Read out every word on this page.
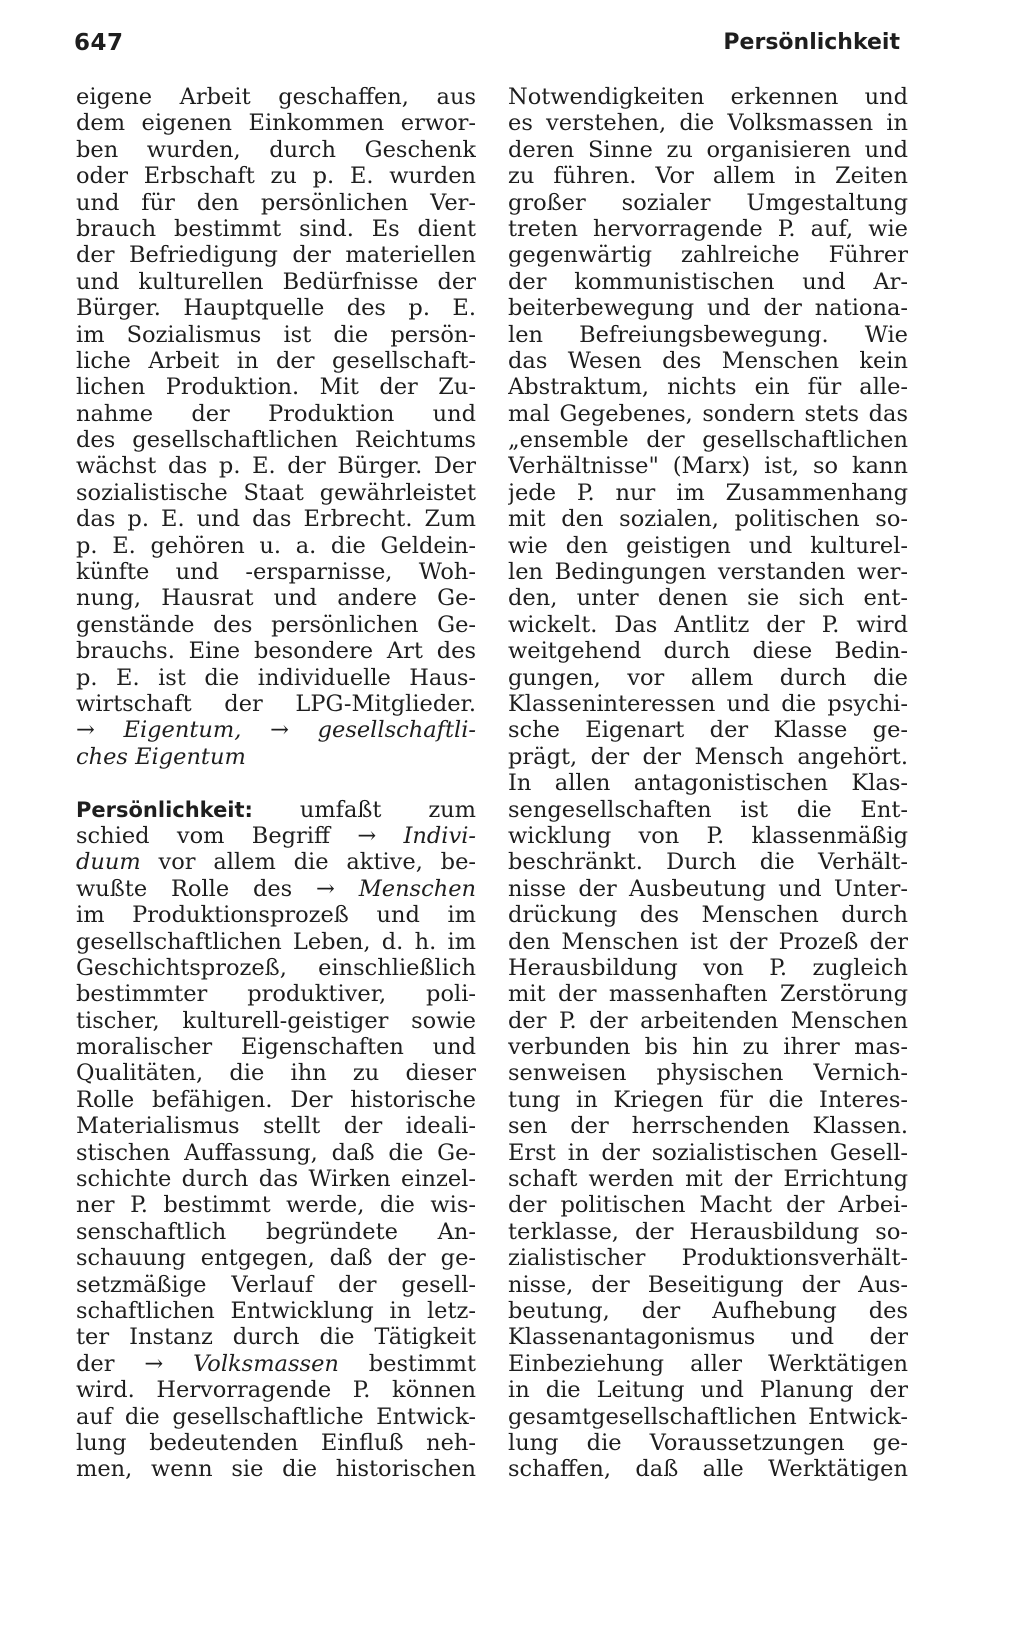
647	Persönlichkeit
eigene Arbeit geschaffen, aus
dem eigenen Einkommen erwor-
ben wurden, durch Geschenk
oder Erbschaft zu p. E. wurden
und für den persönlichen Ver-
brauch bestimmt sind. Es dient
der Befriedigung der materiellen
und kulturellen Bedürfnisse der
Bürger. Hauptquelle des p. E.
im Sozialismus ist die persön-
liche Arbeit in der gesellschaft-
lichen Produktion. Mit der Zu-
nahme der Produktion und
des gesellschaftlichen Reichtums
wächst das p. E. der Bürger. Der
sozialistische Staat gewährleistet
das p. E. und das Erbrecht. Zum
p. E. gehören u. a. die Geldein-
künfte und -ersparnisse, Woh-
nung, Hausrat und andere Ge-
genstände des persönlichen Ge-
brauchs. Eine besondere Art des
p. E. ist die individuelle Haus-
wirtschaft der LPG-Mitglieder.
→ Eigentum, → gesellschaftli-
ches Eigentum
Persönlichkeit: umfaßt zum
schied vom Begriff → Indivi-
duum vor allem die aktive, be-
wußte Rolle des → Menschen
im Produktionsprozeß und im
gesellschaftlichen Leben, d. h. im
Geschichtsprozeß, einschließlich
bestimmter produktiver, poli-
tischer, kulturell-geistiger sowie
moralischer Eigenschaften und
Qualitäten, die ihn zu dieser
Rolle befähigen. Der historische
Materialismus stellt der ideali-
stischen Auffassung, daß die Ge-
schichte durch das Wirken einzel-
ner P. bestimmt werde, die wis-
senschaftlich begründete An-
schauung entgegen, daß der ge-
setzmäßige Verlauf der gesell-
schaftlichen Entwicklung in letz-
ter Instanz durch die Tätigkeit
der → Volksmassen bestimmt
wird. Hervorragende P. können
auf die gesellschaftliche Entwick-
lung bedeutenden Einfluß neh-
men, wenn sie die historischen
Notwendigkeiten erkennen und
es verstehen, die Volksmassen in
deren Sinne zu organisieren und
zu führen. Vor allem in Zeiten
großer sozialer Umgestaltung
treten hervorragende P. auf, wie
gegenwärtig zahlreiche Führer
der kommunistischen und Ar-
beiterbewegung und der nationa-
len Befreiungsbewegung. Wie
das Wesen des Menschen kein
Abstraktum, nichts ein für alle-
mal Gegebenes, sondern stets das
„ensemble der gesellschaftlichen
Verhältnisse" (Marx) ist, so kann
jede P. nur im Zusammenhang
mit den sozialen, politischen so-
wie den geistigen und kulturel-
len Bedingungen verstanden wer-
den, unter denen sie sich ent-
wickelt. Das Antlitz der P. wird
weitgehend durch diese Bedin-
gungen, vor allem durch die
Klasseninteressen und die psychi-
sche Eigenart der Klasse ge-
prägt, der der Mensch angehört.
In allen antagonistischen Klas-
sengesellschaften ist die Ent-
wicklung von P. klassenmäßig
beschränkt. Durch die Verhält-
nisse der Ausbeutung und Unter-
drückung des Menschen durch
den Menschen ist der Prozeß der
Herausbildung von P. zugleich
mit der massenhaften Zerstörung
der P. der arbeitenden Menschen
verbunden bis hin zu ihrer mas-
senweisen physischen Vernich-
tung in Kriegen für die Interes-
sen der herrschenden Klassen.
Erst in der sozialistischen Gesell-
schaft werden mit der Errichtung
der politischen Macht der Arbei-
terklasse, der Herausbildung so-
zialistischer Produktionsverhält-
nisse, der Beseitigung der Aus-
beutung, der Aufhebung des
Klassenantagonismus und der
Einbeziehung aller Werktätigen
in die Leitung und Planung der
gesamtgesellschaftlichen Entwick-
lung die Voraussetzungen ge-
schaffen, daß alle Werktätigen
